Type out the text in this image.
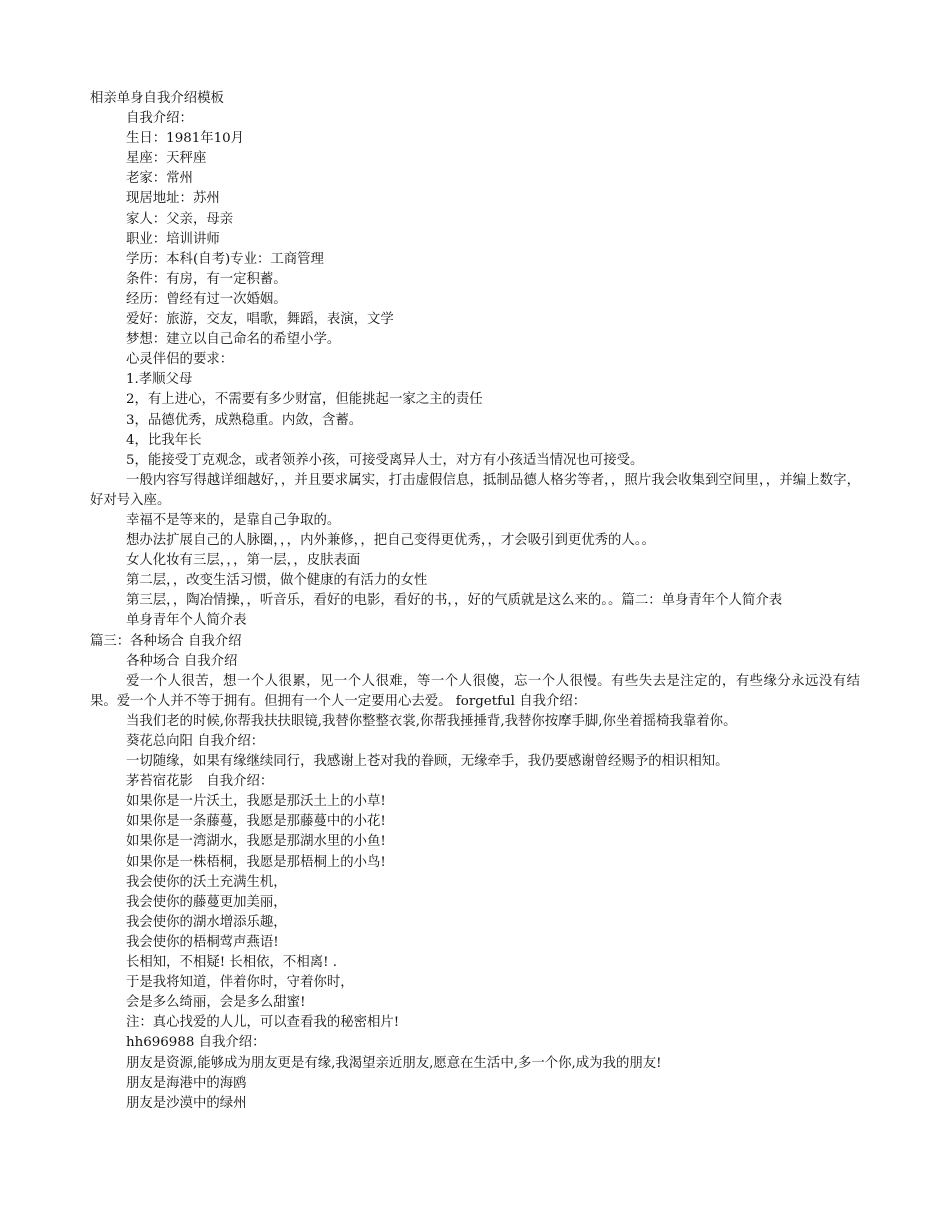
相亲单身自我介绍模板

自我介绍：

生日：1981年10月

星座：天秤座

老家：常州

现居地址：苏州

家人：父亲，母亲

职业：培训讲师

学历：本科(自考)专业：工商管理

条件：有房，有一定积蓄。

经历：曾经有过一次婚姻。

爱好：旅游，交友，唱歌，舞蹈，表演，文学

梦想：建立以自己命名的希望小学。

心灵伴侣的要求：

1.孝顺父母

2，有上进心，不需要有多少财富，但能挑起一家之主的责任

3，品德优秀，成熟稳重。内敛，含蓄。

4，比我年长

5，能接受丁克观念，或者领养小孩，可接受离异人士，对方有小孩适当情况也可接受。

一般内容写得越详细越好，，并且要求属实，打击虚假信息，抵制品德人格劣等者，，照片我会收集到空间里，，并编上数字，好对号入座。

幸福不是等来的，是靠自己争取的。

想办法扩展自己的人脉圈，，，内外兼修，，把自己变得更优秀，，才会吸引到更优秀的人。。

女人化妆有三层，，，第一层，，皮肤表面

第二层，，改变生活习惯，做个健康的有活力的女性

第三层，，陶冶情操，，听音乐，看好的电影，看好的书，，好的气质就是这么来的。。篇二：单身青年个人简介表

单身青年个人简介表

篇三：各种场合 自我介绍

各种场合 自我介绍

爱一个人很苦，想一个人很累，见一个人很难，等一个人很傻，忘一个人很慢。有些失去是注定的，有些缘分永远没有结果。爱一个人并不等于拥有。但拥有一个人一定要用心去爱。 forgetful 自我介绍：

当我们老的时候,你帮我扶扶眼镜,我替你整整衣裳,你帮我捶捶背,我替你按摩手脚,你坐着摇椅我靠着你。

葵花总向阳 自我介绍：

一切随缘，如果有缘继续同行，我感谢上苍对我的眷顾，无缘牵手，我仍要感谢曾经赐予的相识相知。

茅苔宿花影　自我介绍：

如果你是一片沃土，我愿是那沃土上的小草!

如果你是一条藤蔓，我愿是那藤蔓中的小花!

如果你是一湾湖水，我愿是那湖水里的小鱼!

如果你是一株梧桐，我愿是那梧桐上的小鸟!

我会使你的沃土充满生机，

我会使你的藤蔓更加美丽，

我会使你的湖水增添乐趣，

我会使你的梧桐莺声燕语!

长相知，不相疑! 长相依，不相离! .

于是我将知道，伴着你时，守着你时，

会是多么绮丽，会是多么甜蜜!

注：真心找爱的人儿，可以查看我的秘密相片!

hh696988 自我介绍：

朋友是资源,能够成为朋友更是有缘,我渴望亲近朋友,愿意在生活中,多一个你,成为我的朋友!

朋友是海港中的海鸥

朋友是沙漠中的绿州
